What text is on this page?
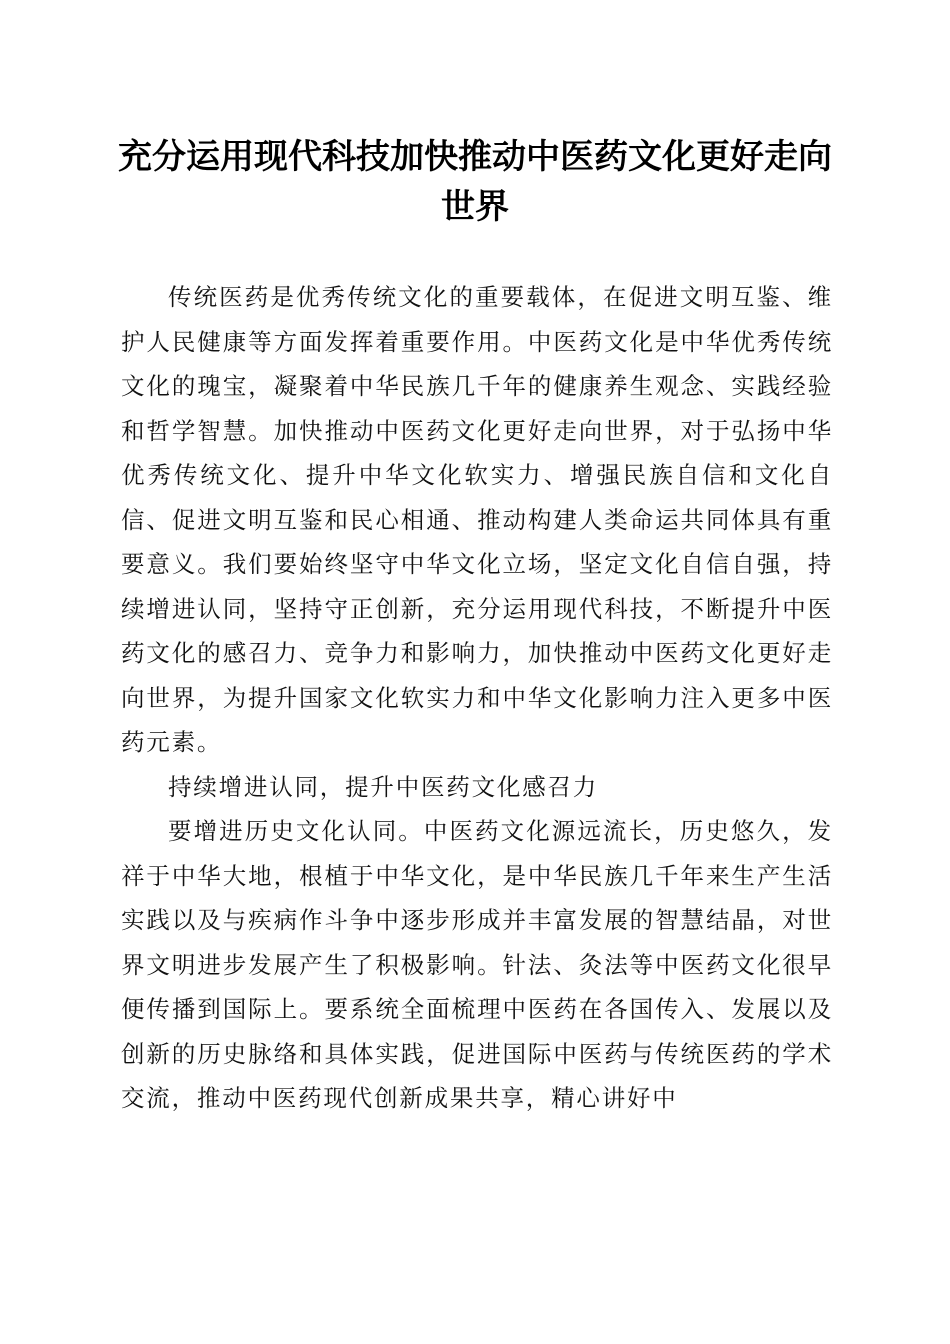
充分运用现代科技加快推动中医药文化更好走向世界

传统医药是优秀传统文化的重要载体，在促进文明互鉴、维护人民健康等方面发挥着重要作用。中医药文化是中华优秀传统文化的瑰宝，凝聚着中华民族几千年的健康养生观念、实践经验和哲学智慧。加快推动中医药文化更好走向世界，对于弘扬中华优秀传统文化、提升中华文化软实力、增强民族自信和文化自信、促进文明互鉴和民心相通、推动构建人类命运共同体具有重要意义。我们要始终坚守中华文化立场，坚定文化自信自强，持续增进认同，坚持守正创新，充分运用现代科技，不断提升中医药文化的感召力、竞争力和影响力，加快推动中医药文化更好走向世界，为提升国家文化软实力和中华文化影响力注入更多中医药元素。

持续增进认同，提升中医药文化感召力

要增进历史文化认同。中医药文化源远流长，历史悠久，发祥于中华大地，根植于中华文化，是中华民族几千年来生产生活实践以及与疾病作斗争中逐步形成并丰富发展的智慧结晶，对世界文明进步发展产生了积极影响。针法、灸法等中医药文化很早便传播到国际上。要系统全面梳理中医药在各国传入、发展以及创新的历史脉络和具体实践，促进国际中医药与传统医药的学术交流，推动中医药现代创新成果共享，精心讲好中
